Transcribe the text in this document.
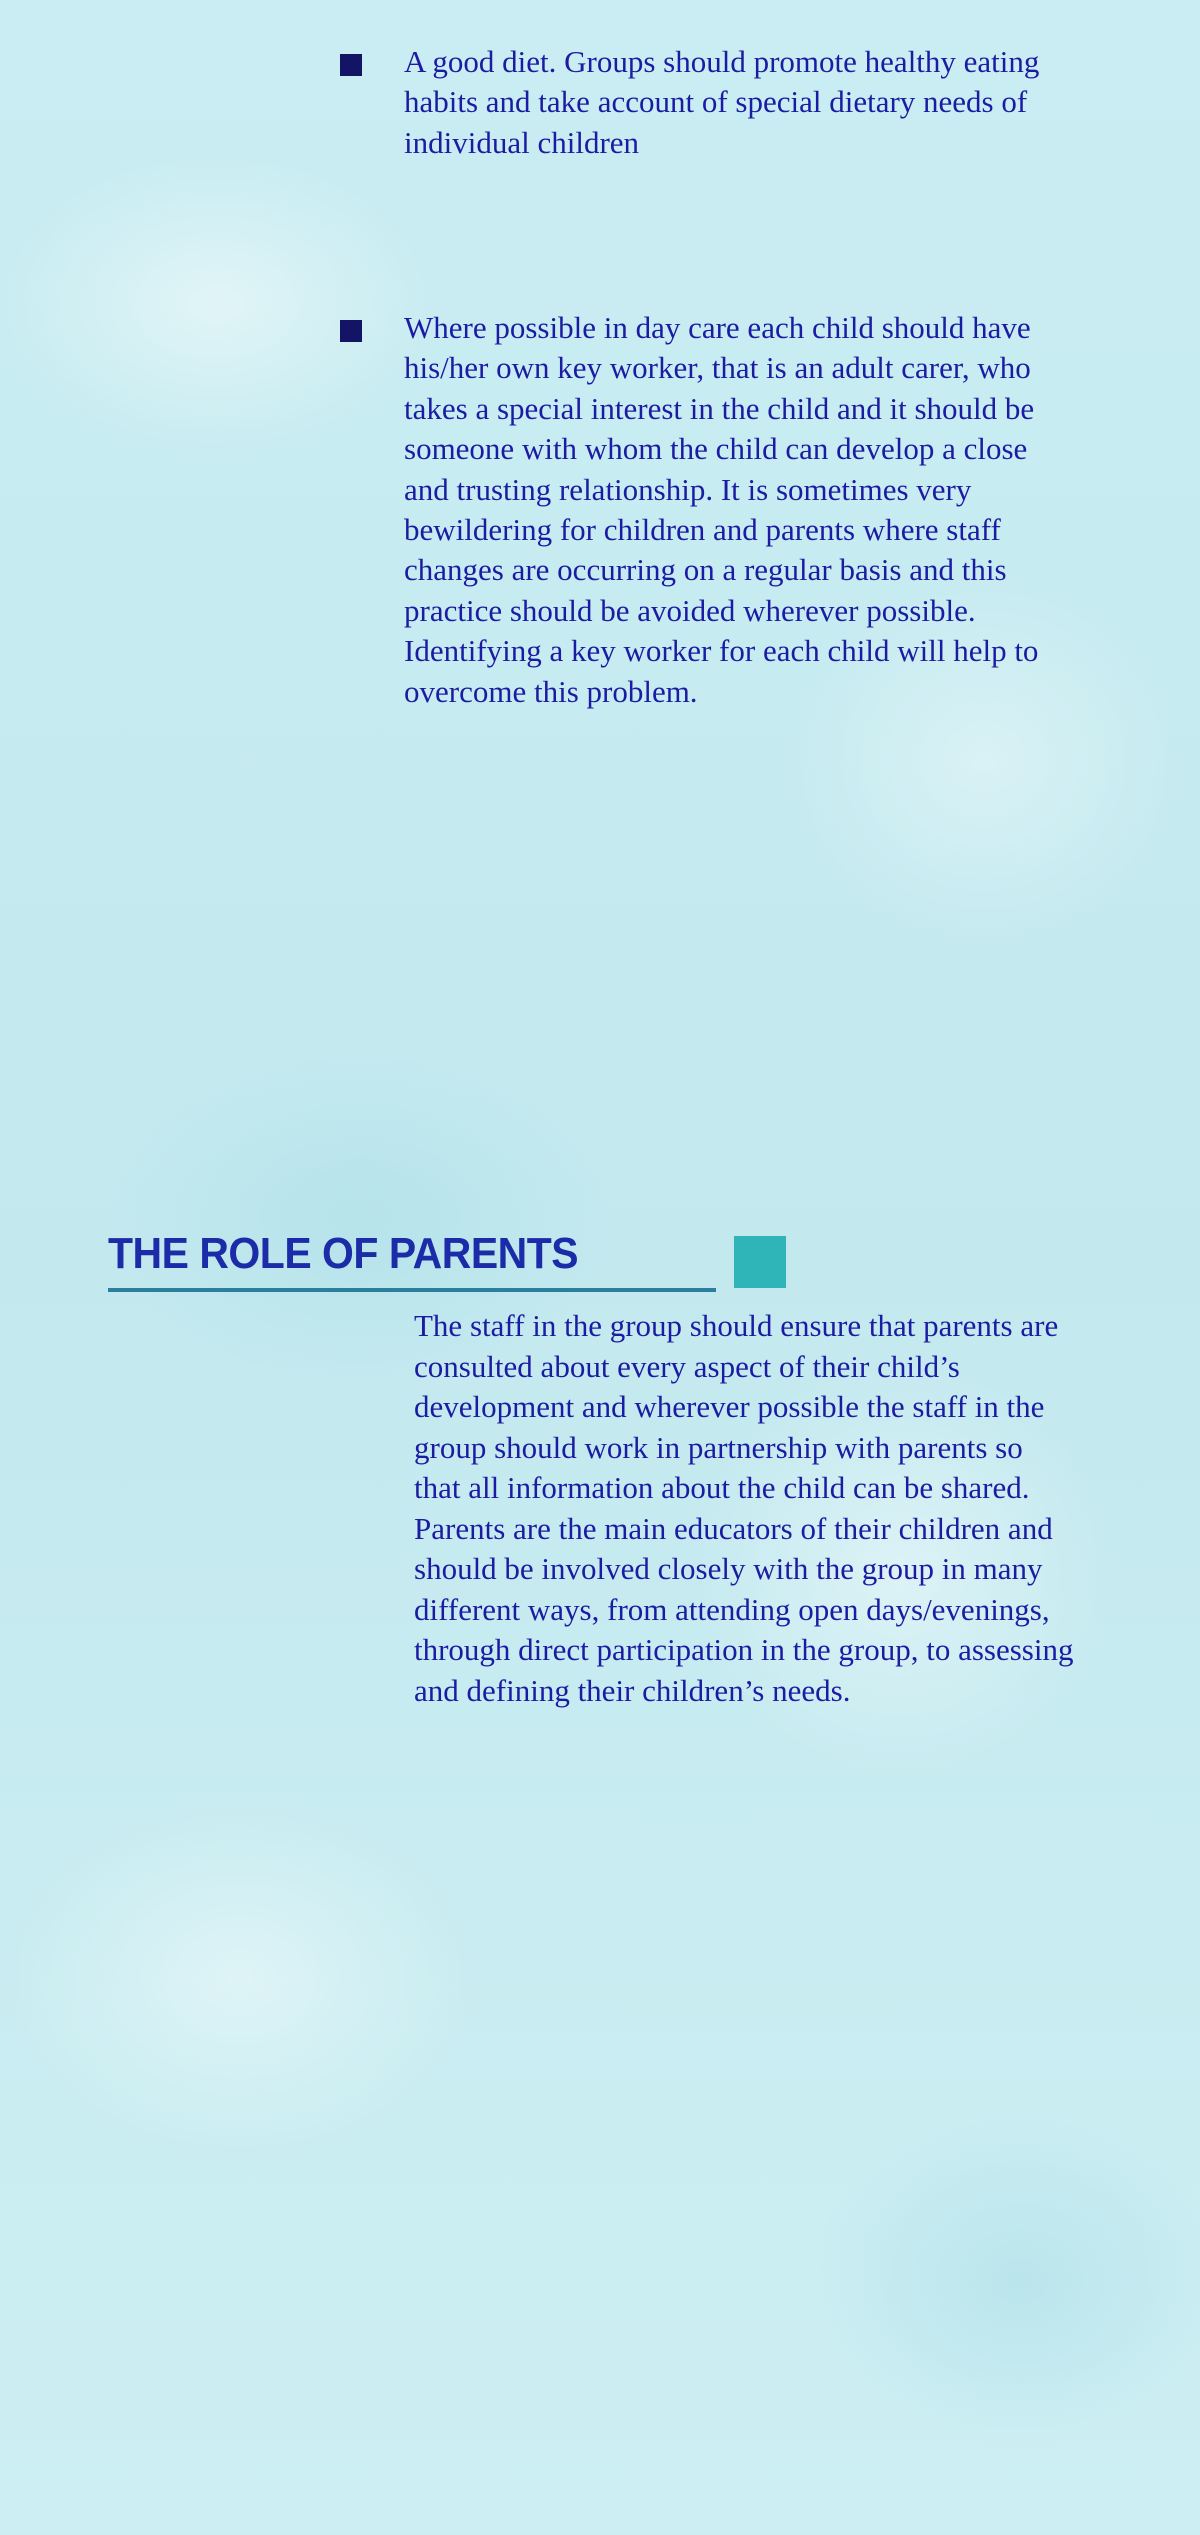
A good diet. Groups should promote healthy eating habits and take account of special dietary needs of individual children

Where possible in day care each child should have his/her own key worker, that is an adult carer, who takes a special interest in the child and it should be someone with whom the child can develop a close and trusting relationship. It is sometimes very bewildering for children and parents where staff changes are occurring on a regular basis and this practice should be avoided wherever possible. Identifying a key worker for each child will help to overcome this problem.

THE ROLE OF PARENTS

The staff in the group should ensure that parents are consulted about every aspect of their child’s development and wherever possible the staff in the group should work in partnership with parents so that all information about the child can be shared. Parents are the main educators of their children and should be involved closely with the group in many different ways, from attending open days/evenings, through direct participation in the group, to assessing and defining their children’s needs.
